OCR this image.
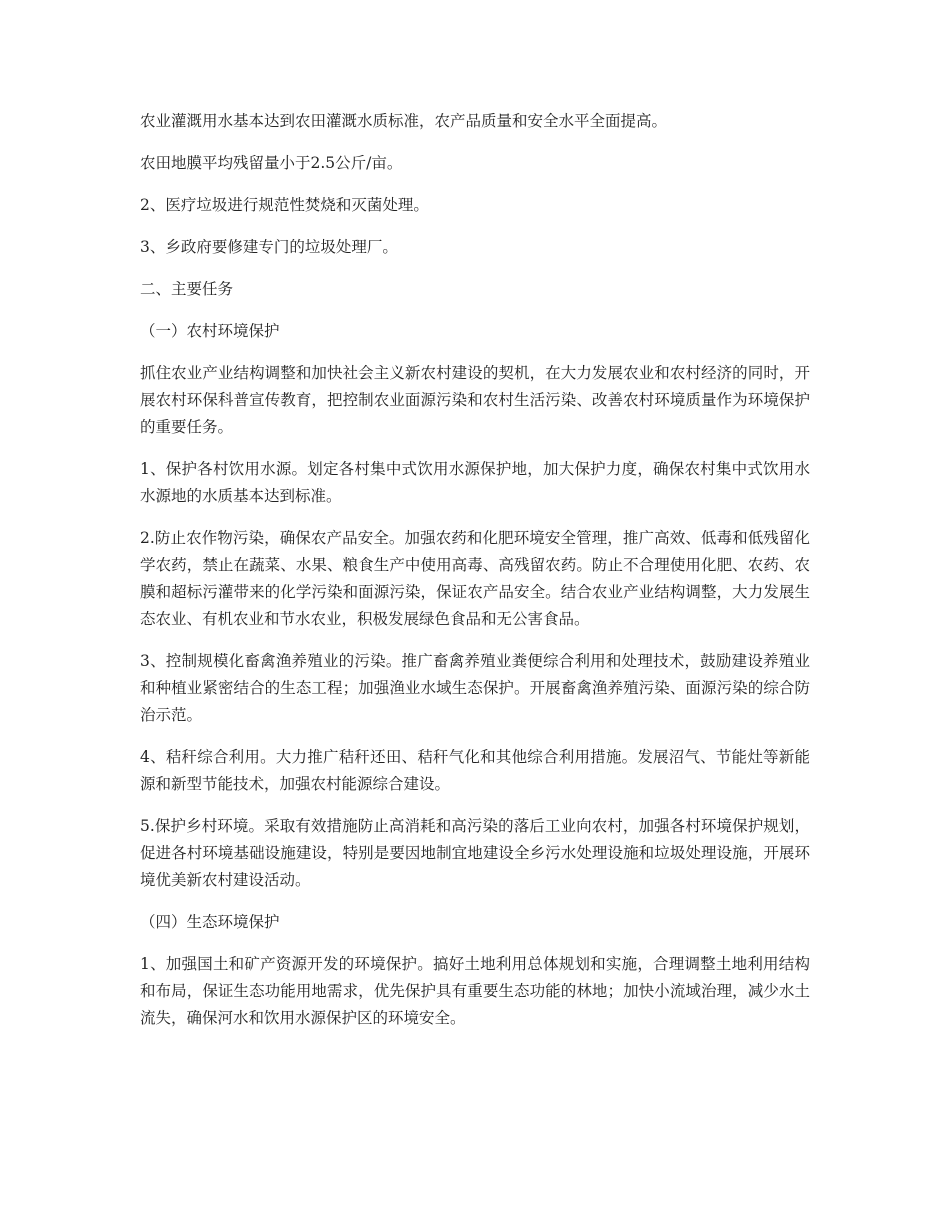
农业灌溉用水基本达到农田灌溉水质标准，农产品质量和安全水平全面提高。

农田地膜平均残留量小于2.5公斤/亩。

2、医疗垃圾进行规范性焚烧和灭菌处理。

3、乡政府要修建专门的垃圾处理厂。

二、主要任务

（一）农村环境保护

抓住农业产业结构调整和加快社会主义新农村建设的契机，在大力发展农业和农村经济的同时，开展农村环保科普宣传教育，把控制农业面源污染和农村生活污染、改善农村环境质量作为环境保护的重要任务。

1、保护各村饮用水源。划定各村集中式饮用水源保护地，加大保护力度，确保农村集中式饮用水水源地的水质基本达到标准。

2.防止农作物污染，确保农产品安全。加强农药和化肥环境安全管理，推广高效、低毒和低残留化学农药，禁止在蔬菜、水果、粮食生产中使用高毒、高残留农药。防止不合理使用化肥、农药、农膜和超标污灌带来的化学污染和面源污染，保证农产品安全。结合农业产业结构调整，大力发展生态农业、有机农业和节水农业，积极发展绿色食品和无公害食品。

3、控制规模化畜禽渔养殖业的污染。推广畜禽养殖业粪便综合利用和处理技术，鼓励建设养殖业和种植业紧密结合的生态工程；加强渔业水域生态保护。开展畜禽渔养殖污染、面源污染的综合防治示范。

4、秸秆综合利用。大力推广秸秆还田、秸秆气化和其他综合利用措施。发展沼气、节能灶等新能源和新型节能技术，加强农村能源综合建设。

5.保护乡村环境。采取有效措施防止高消耗和高污染的落后工业向农村，加强各村环境保护规划，促进各村环境基础设施建设，特别是要因地制宜地建设全乡污水处理设施和垃圾处理设施，开展环境优美新农村建设活动。

（四）生态环境保护

1、加强国土和矿产资源开发的环境保护。搞好土地利用总体规划和实施，合理调整土地利用结构和布局，保证生态功能用地需求，优先保护具有重要生态功能的林地；加快小流域治理，减少水土流失，确保河水和饮用水源保护区的环境安全。
